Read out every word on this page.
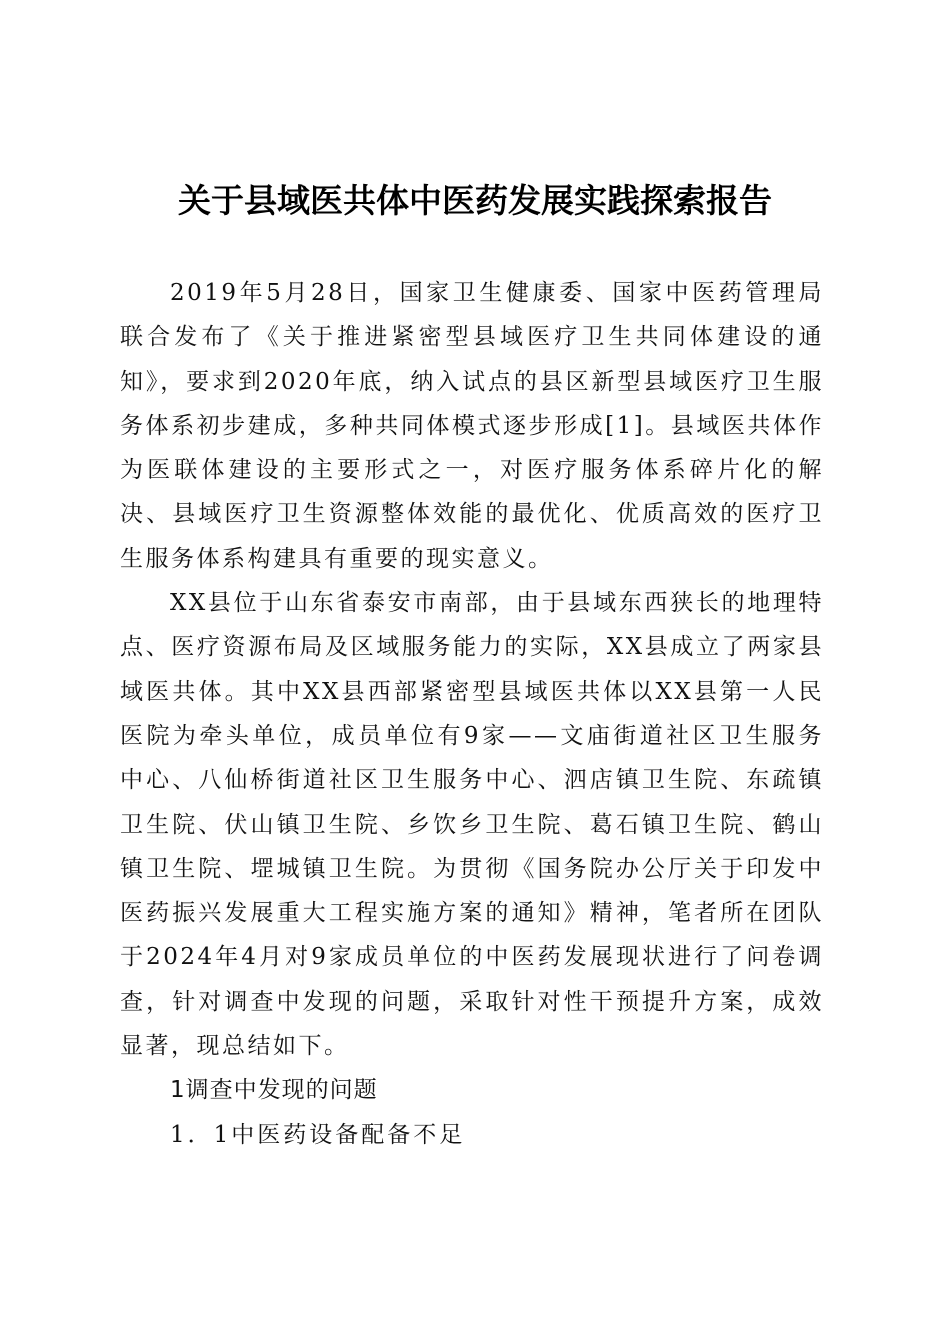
关于县域医共体中医药发展实践探索报告

2019年5月28日，国家卫生健康委、国家中医药管理局联合发布了《关于推进紧密型县域医疗卫生共同体建设的通知》，要求到2020年底，纳入试点的县区新型县域医疗卫生服务体系初步建成，多种共同体模式逐步形成[1]。县域医共体作为医联体建设的主要形式之一，对医疗服务体系碎片化的解决、县域医疗卫生资源整体效能的最优化、优质高效的医疗卫生服务体系构建具有重要的现实意义。

XX县位于山东省泰安市南部，由于县域东西狭长的地理特点、医疗资源布局及区域服务能力的实际，XX县成立了两家县域医共体。其中XX县西部紧密型县域医共体以XX县第一人民医院为牵头单位，成员单位有9家——文庙街道社区卫生服务中心、八仙桥街道社区卫生服务中心、泗店镇卫生院、东疏镇卫生院、伏山镇卫生院、乡饮乡卫生院、葛石镇卫生院、鹤山镇卫生院、堽城镇卫生院。为贯彻《国务院办公厅关于印发中医药振兴发展重大工程实施方案的通知》精神，笔者所在团队于2024年4月对9家成员单位的中医药发展现状进行了问卷调查，针对调查中发现的问题，采取针对性干预提升方案，成效显著，现总结如下。

1调查中发现的问题

1．1中医药设备配备不足
